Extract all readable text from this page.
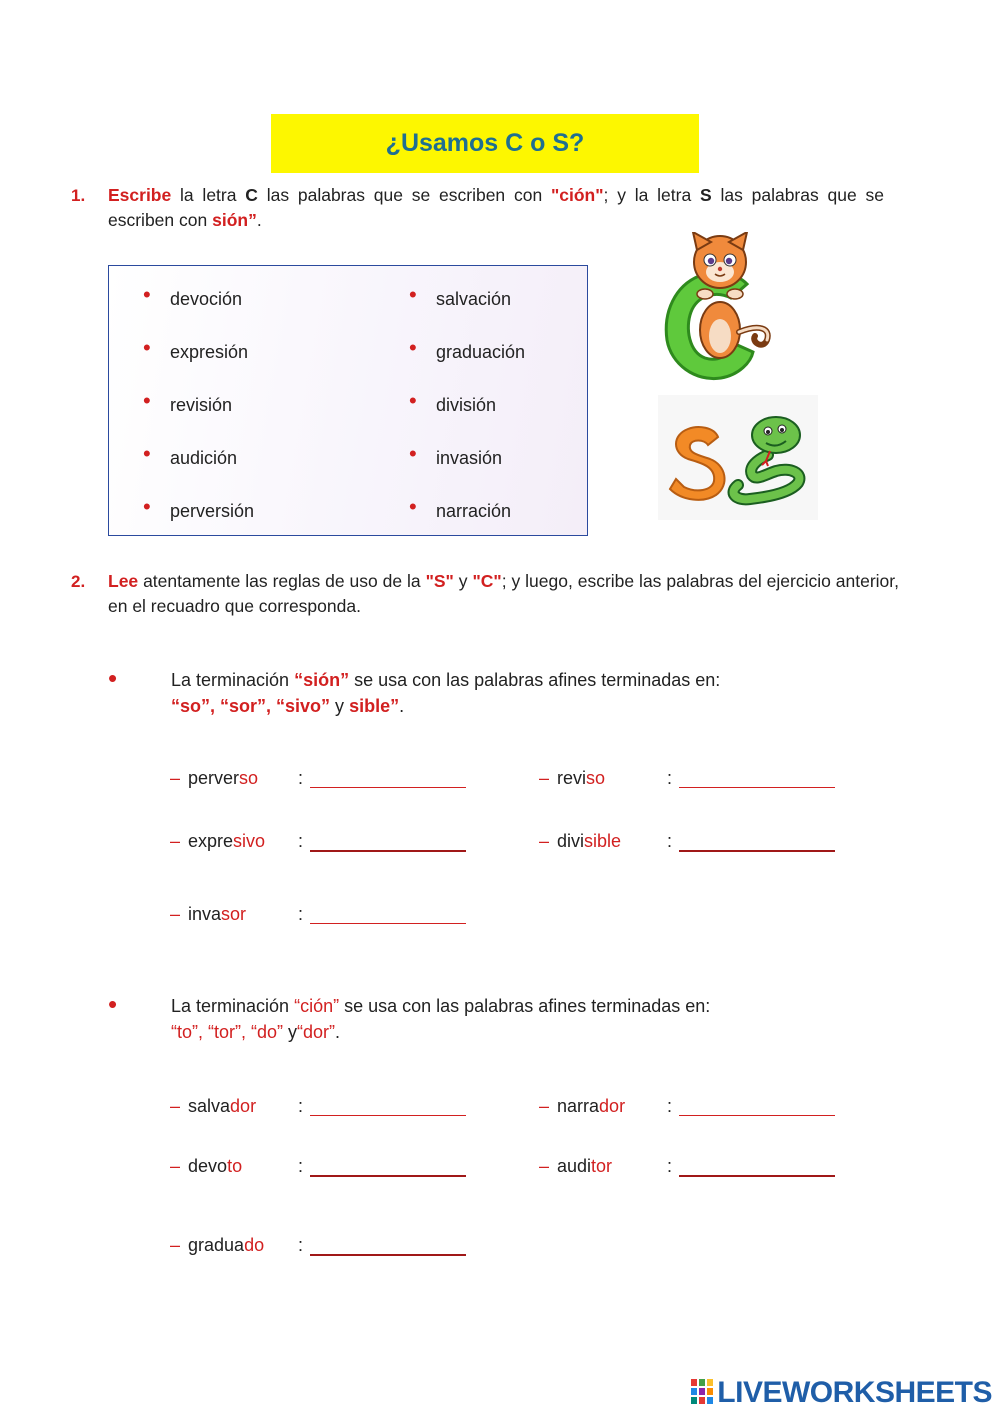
¿Usamos C o S?
1. Escribe la letra C las palabras que se escriben con "ción"; y la letra S las palabras que se escriben con sión”.
• devoción
• expresión
• revisión
• audición
• perversión
• salvación
• graduación
• división
• invasión
• narración
2. Lee atentamente las reglas de uso de la "S" y "C"; y luego, escribe las palabras del ejercicio anterior, en el recuadro que corresponda.
•	La terminación “sión” se usa con las palabras afines terminadas en:
“so”, “sor”, “sivo” y sible”.
– perverso :	– reviso	:
– expresivo :	– divisible	:
– invasor	:
•	La terminación “ción” se usa con las palabras afines terminadas en:
“to”, “tor”, “do” y“dor”.
– salvador :	– narrador :
– devoto	:	– auditor	:
– graduado :
LIVEWORKSHEETS
